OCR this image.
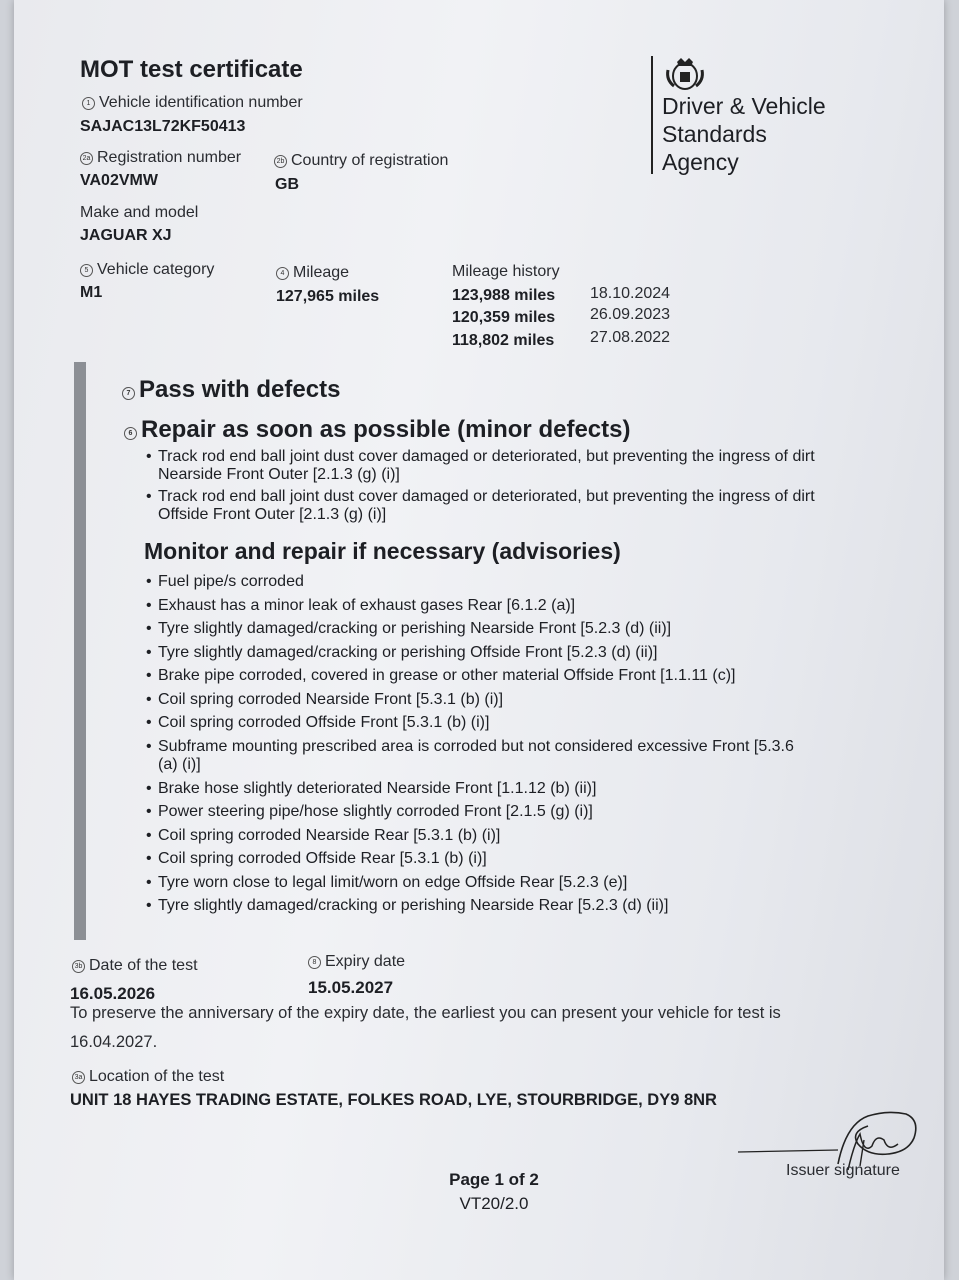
MOT test certificate
Driver & Vehicle
Standards
Agency
1 Vehicle identification number
SAJAC13L72KF50413
2a Registration number
VA02VMW
2b Country of registration
GB
Make and model
JAGUAR XJ
5 Vehicle category
M1
4 Mileage
127,965 miles
Mileage history
123,988 miles 18.10.2024
120,359 miles 26.09.2023
118,802 miles 27.08.2022
7 Pass with defects
6 Repair as soon as possible (minor defects)
• Track rod end ball joint dust cover damaged or deteriorated, but preventing the ingress of dirt
Nearside Front Outer [2.1.3 (g) (i)]
• Track rod end ball joint dust cover damaged or deteriorated, but preventing the ingress of dirt
Offside Front Outer [2.1.3 (g) (i)]
Monitor and repair if necessary (advisories)
• Fuel pipe/s corroded
• Exhaust has a minor leak of exhaust gases Rear [6.1.2 (a)]
• Tyre slightly damaged/cracking or perishing Nearside Front [5.2.3 (d) (ii)]
• Tyre slightly damaged/cracking or perishing Offside Front [5.2.3 (d) (ii)]
• Brake pipe corroded, covered in grease or other material Offside Front [1.1.11 (c)]
• Coil spring corroded Nearside Front [5.3.1 (b) (i)]
• Coil spring corroded Offside Front [5.3.1 (b) (i)]
• Subframe mounting prescribed area is corroded but not considered excessive Front [5.3.6
(a) (i)]
• Brake hose slightly deteriorated Nearside Front [1.1.12 (b) (ii)]
• Power steering pipe/hose slightly corroded Front [2.1.5 (g) (i)]
• Coil spring corroded Nearside Rear [5.3.1 (b) (i)]
• Coil spring corroded Offside Rear [5.3.1 (b) (i)]
• Tyre worn close to legal limit/worn on edge Offside Rear [5.2.3 (e)]
• Tyre slightly damaged/cracking or perishing Nearside Rear [5.2.3 (d) (ii)]
3b Date of the test
16.05.2026
8 Expiry date
15.05.2027
To preserve the anniversary of the expiry date, the earliest you can present your vehicle for test is
16.04.2027.
3a Location of the test
UNIT 18 HAYES TRADING ESTATE, FOLKES ROAD, LYE, STOURBRIDGE, DY9 8NR
Issuer signature
Page 1 of 2
VT20/2.0
